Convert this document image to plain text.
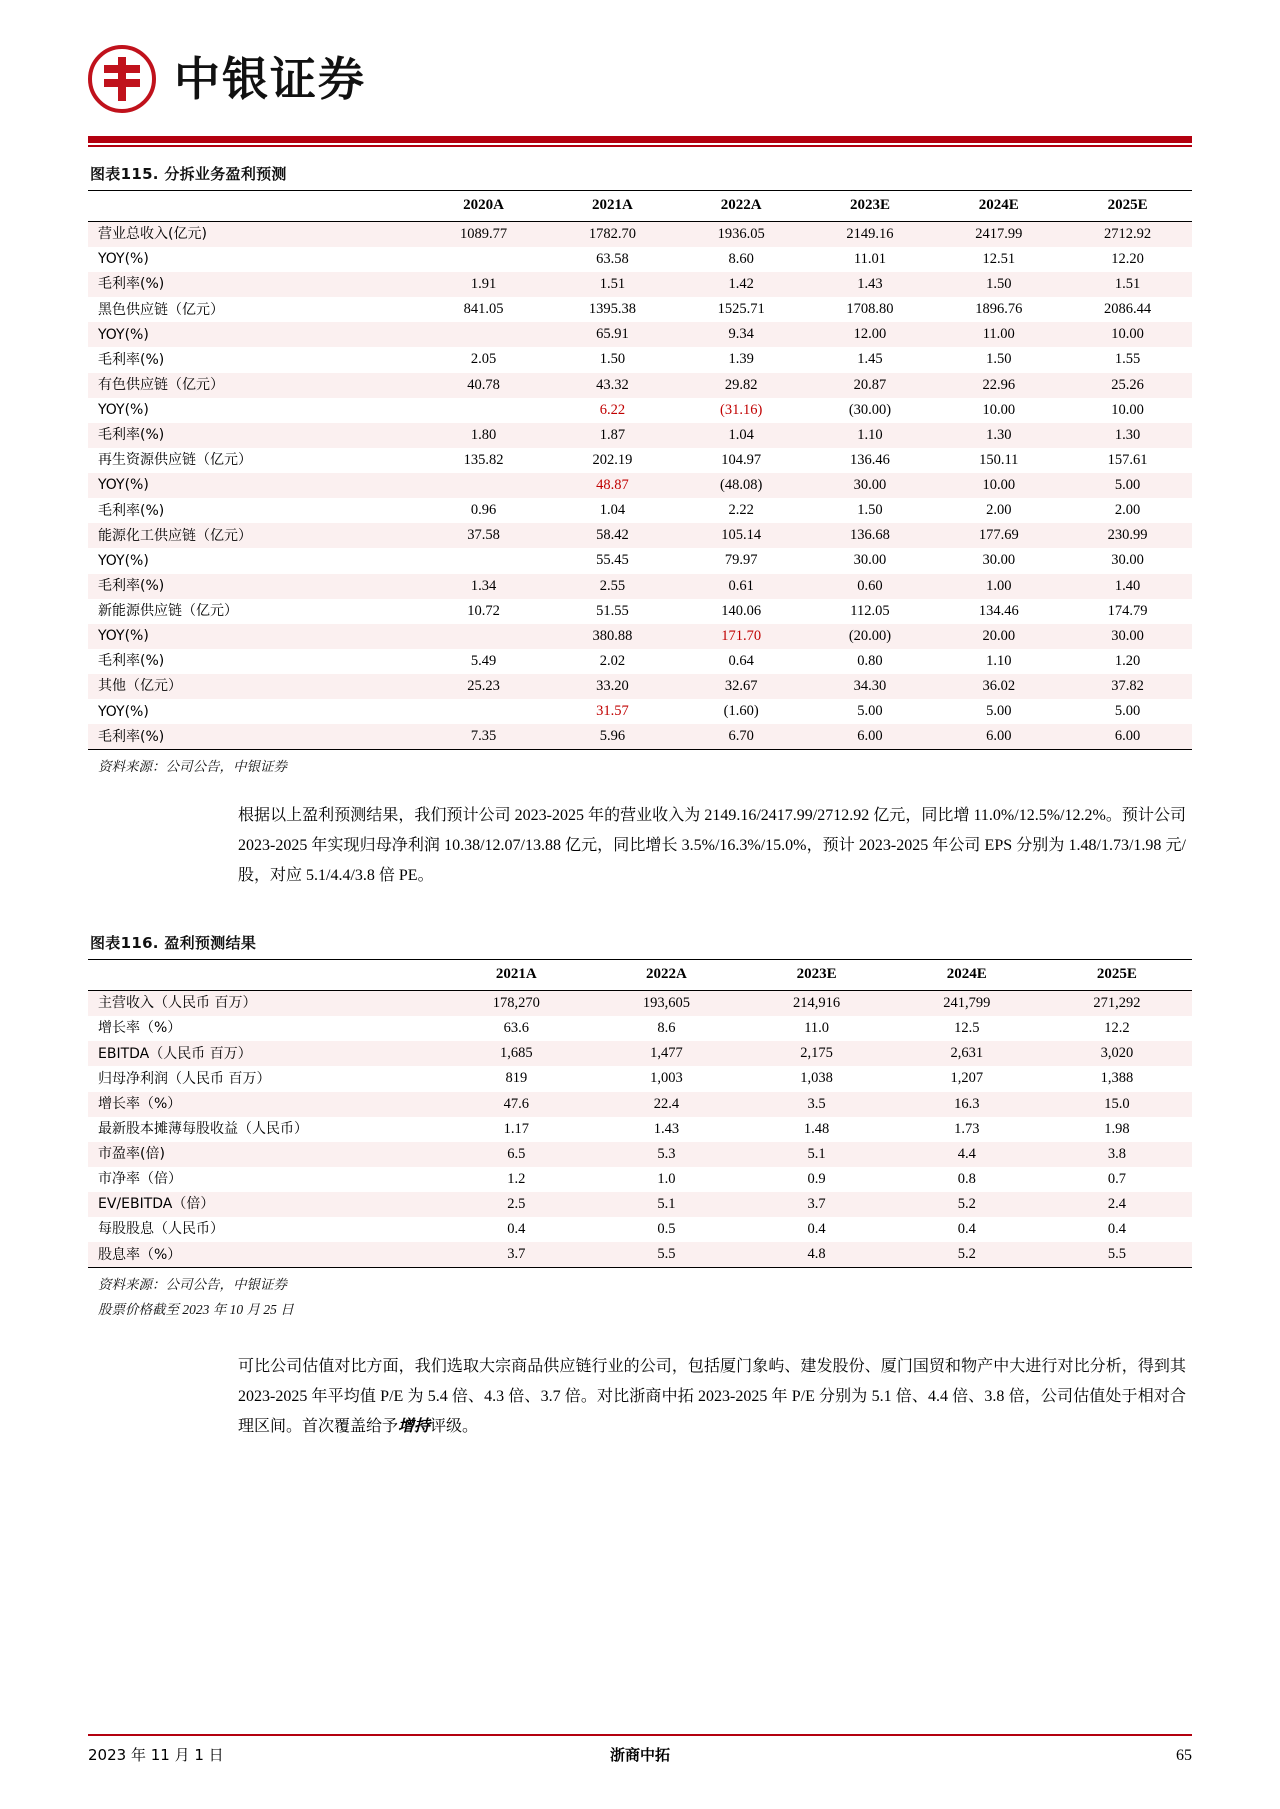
中银证券
图表115. 分拆业务盈利预测
	2020A	2021A	2022A	2023E	2024E	2025E
营业总收入(亿元)	1089.77	1782.70	1936.05	2149.16	2417.99	2712.92
YOY(%)		63.58	8.60	11.01	12.51	12.20
毛利率(%)	1.91	1.51	1.42	1.43	1.50	1.51
黑色供应链（亿元）	841.05	1395.38	1525.71	1708.80	1896.76	2086.44
YOY(%)		65.91	9.34	12.00	11.00	10.00
毛利率(%)	2.05	1.50	1.39	1.45	1.50	1.55
有色供应链（亿元）	40.78	43.32	29.82	20.87	22.96	25.26
YOY(%)		6.22	(31.16)	(30.00)	10.00	10.00
毛利率(%)	1.80	1.87	1.04	1.10	1.30	1.30
再生资源供应链（亿元）	135.82	202.19	104.97	136.46	150.11	157.61
YOY(%)		48.87	(48.08)	30.00	10.00	5.00
毛利率(%)	0.96	1.04	2.22	1.50	2.00	2.00
能源化工供应链（亿元）	37.58	58.42	105.14	136.68	177.69	230.99
YOY(%)		55.45	79.97	30.00	30.00	30.00
毛利率(%)	1.34	2.55	0.61	0.60	1.00	1.40
新能源供应链（亿元）	10.72	51.55	140.06	112.05	134.46	174.79
YOY(%)		380.88	171.70	(20.00)	20.00	30.00
毛利率(%)	5.49	2.02	0.64	0.80	1.10	1.20
其他（亿元）	25.23	33.20	32.67	34.30	36.02	37.82
YOY(%)		31.57	(1.60)	5.00	5.00	5.00
毛利率(%)	7.35	5.96	6.70	6.00	6.00	6.00
资料来源：公司公告，中银证券
根据以上盈利预测结果，我们预计公司 2023-2025 年的营业收入为 2149.16/2417.99/2712.92 亿元，同比增 11.0%/12.5%/12.2%。预计公司 2023-2025 年实现归母净利润 10.38/12.07/13.88 亿元，同比增长 3.5%/16.3%/15.0%，预计 2023-2025 年公司 EPS 分别为 1.48/1.73/1.98 元/股，对应 5.1/4.4/3.8 倍 PE。
图表116. 盈利预测结果
	2021A	2022A	2023E	2024E	2025E
主营收入（人民币 百万）	178,270	193,605	214,916	241,799	271,292
增长率（%）	63.6	8.6	11.0	12.5	12.2
EBITDA（人民币 百万）	1,685	1,477	2,175	2,631	3,020
归母净利润（人民币 百万）	819	1,003	1,038	1,207	1,388
增长率（%）	47.6	22.4	3.5	16.3	15.0
最新股本摊薄每股收益（人民币）	1.17	1.43	1.48	1.73	1.98
市盈率(倍)	6.5	5.3	5.1	4.4	3.8
市净率（倍）	1.2	1.0	0.9	0.8	0.7
EV/EBITDA（倍）	2.5	5.1	3.7	5.2	2.4
每股股息（人民币）	0.4	0.5	0.4	0.4	0.4
股息率（%）	3.7	5.5	4.8	5.2	5.5
资料来源：公司公告，中银证券
股票价格截至 2023 年 10 月 25 日
可比公司估值对比方面，我们选取大宗商品供应链行业的公司，包括厦门象屿、建发股份、厦门国贸和物产中大进行对比分析，得到其 2023-2025 年平均值 P/E 为 5.4 倍、4.3 倍、3.7 倍。对比浙商中拓 2023-2025 年 P/E 分别为 5.1 倍、4.4 倍、3.8 倍，公司估值处于相对合理区间。首次覆盖给予增持评级。
2023 年 11 月 1 日	浙商中拓	65
